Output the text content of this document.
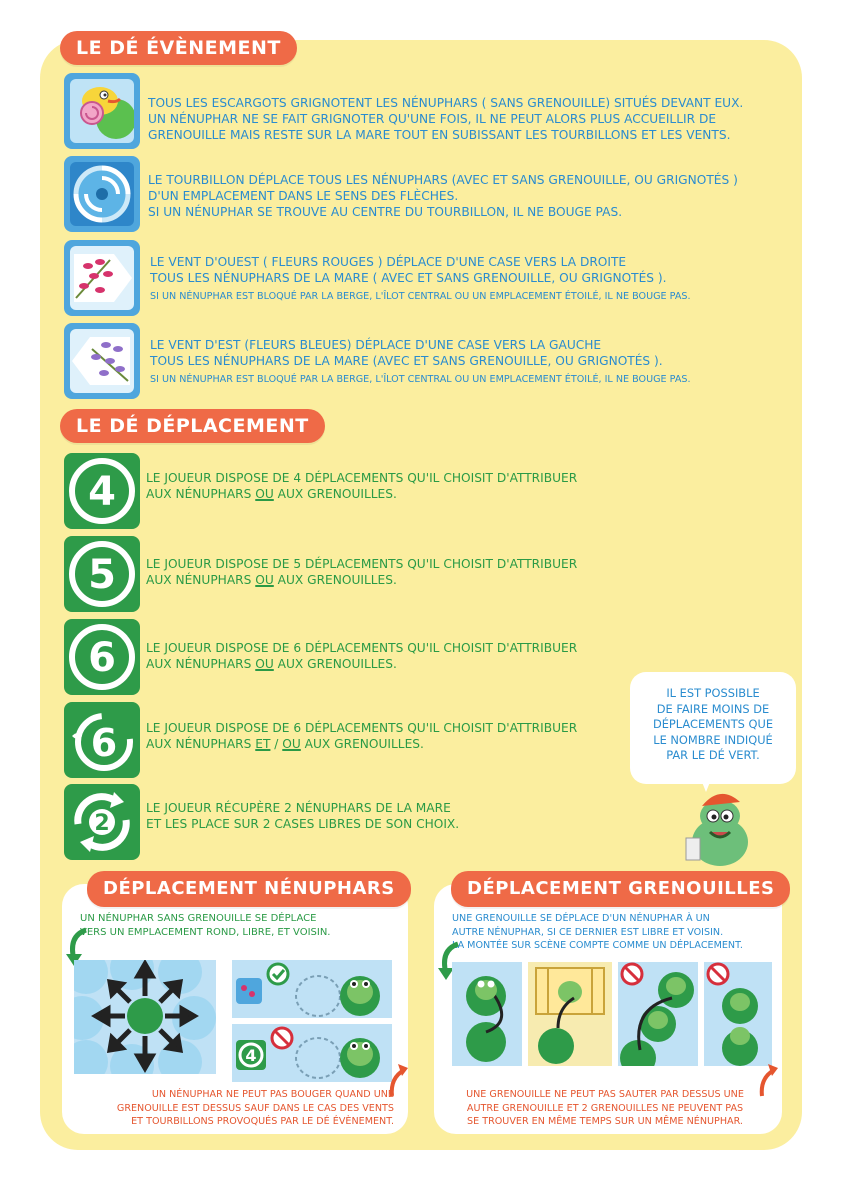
LE DÉ ÉVÈNEMENT
TOUS LES ESCARGOTS GRIGNOTENT LES NÉNUPHARS ( SANS GRENOUILLE) SITUÉS DEVANT EUX.
UN NÉNUPHAR NE SE FAIT GRIGNOTER QU'UNE FOIS, IL NE PEUT ALORS PLUS ACCUEILLIR DE
GRENOUILLE MAIS RESTE SUR LA MARE TOUT EN SUBISSANT LES TOURBILLONS ET LES VENTS.
LE TOURBILLON DÉPLACE TOUS LES NÉNUPHARS (AVEC ET SANS GRENOUILLE, OU GRIGNOTÉS )
D'UN EMPLACEMENT DANS LE SENS DES FLÈCHES.
SI UN NÉNUPHAR SE TROUVE AU CENTRE DU TOURBILLON, IL NE BOUGE PAS.
LE VENT D'OUEST ( FLEURS ROUGES ) DÉPLACE D'UNE CASE VERS LA DROITE
TOUS LES NÉNUPHARS DE LA MARE ( AVEC ET SANS GRENOUILLE, OU GRIGNOTÉS ).
SI UN NÉNUPHAR EST BLOQUÉ PAR LA BERGE, L'ÎLOT CENTRAL OU UN EMPLACEMENT ÉTOILÉ, IL NE BOUGE PAS.
LE VENT D'EST (FLEURS BLEUES) DÉPLACE D'UNE CASE VERS LA GAUCHE
TOUS LES NÉNUPHARS DE LA MARE (AVEC ET SANS GRENOUILLE, OU GRIGNOTÉS ).
SI UN NÉNUPHAR EST BLOQUÉ PAR LA BERGE, L'ÎLOT CENTRAL OU UN EMPLACEMENT ÉTOILÉ, IL NE BOUGE PAS.
LE DÉ DÉPLACEMENT
4 LE JOUEUR DISPOSE DE 4 DÉPLACEMENTS QU'IL CHOISIT D'ATTRIBUER
AUX NÉNUPHARS OU AUX GRENOUILLES.
5 LE JOUEUR DISPOSE DE 5 DÉPLACEMENTS QU'IL CHOISIT D'ATTRIBUER
AUX NÉNUPHARS OU AUX GRENOUILLES.
6 LE JOUEUR DISPOSE DE 6 DÉPLACEMENTS QU'IL CHOISIT D'ATTRIBUER
AUX NÉNUPHARS OU AUX GRENOUILLES.
6 LE JOUEUR DISPOSE DE 6 DÉPLACEMENTS QU'IL CHOISIT D'ATTRIBUER
AUX NÉNUPHARS ET / OU AUX GRENOUILLES.
2
LE JOUEUR RÉCUPÈRE 2 NÉNUPHARS DE LA MARE
ET LES PLACE SUR 2 CASES LIBRES DE SON CHOIX.
IL EST POSSIBLE
DE FAIRE MOINS DE
DÉPLACEMENTS QUE
LE NOMBRE INDIQUÉ
PAR LE DÉ VERT.
DÉPLACEMENT NÉNUPHARS
UN NÉNUPHAR SANS GRENOUILLE SE DÉPLACE
VERS UN EMPLACEMENT ROND, LIBRE, ET VOISIN.
4
UN NÉNUPHAR NE PEUT PAS BOUGER QUAND UNE
GRENOUILLE EST DESSUS SAUF DANS LE CAS DES VENTS
ET TOURBILLONS PROVOQUÉS PAR LE DÉ ÉVÈNEMENT.
DÉPLACEMENT GRENOUILLES
UNE GRENOUILLE SE DÉPLACE D'UN NÉNUPHAR À UN
AUTRE NÉNUPHAR, SI CE DERNIER EST LIBRE ET VOISIN.
LA MONTÉE SUR SCÈNE COMPTE COMME UN DÉPLACEMENT.
UNE GRENOUILLE NE PEUT PAS SAUTER PAR DESSUS UNE
AUTRE GRENOUILLE ET 2 GRENOUILLES NE PEUVENT PAS
SE TROUVER EN MÊME TEMPS SUR UN MÊME NÉNUPHAR.
